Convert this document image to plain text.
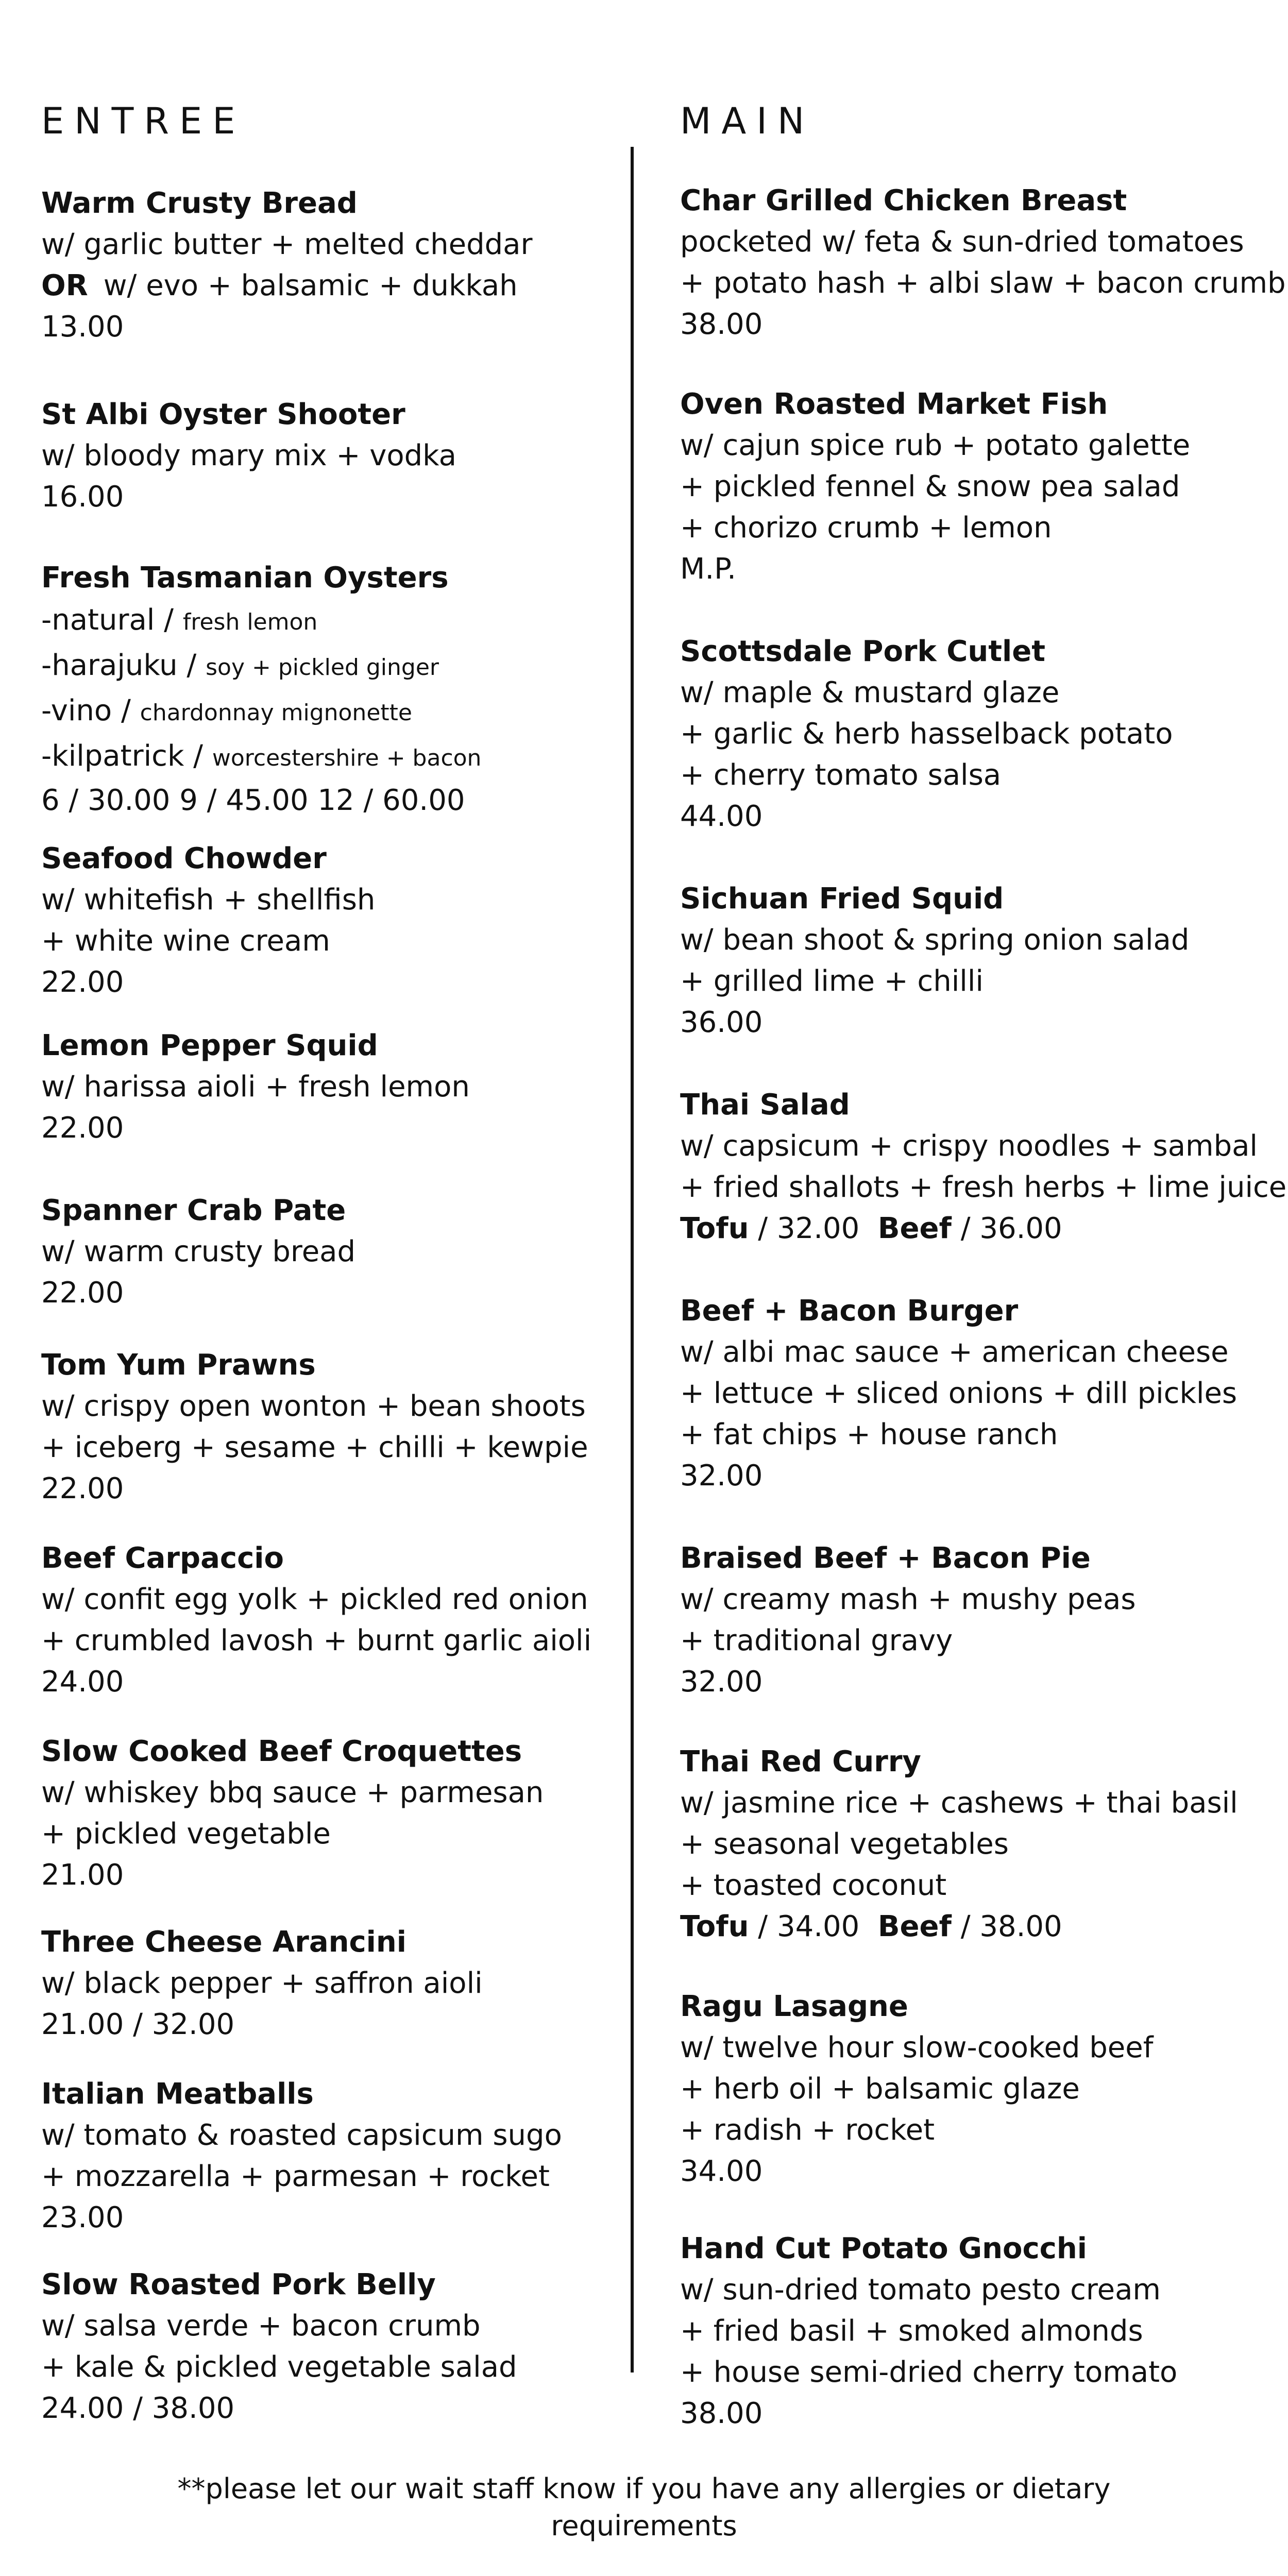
ENTREE
Warm Crusty Bread
w/ garlic butter + melted cheddar
OR w/ evo + balsamic + dukkah
13.00
St Albi Oyster Shooter
w/ bloody mary mix + vodka
16.00
Fresh Tasmanian Oysters
-natural / fresh lemon
-harajuku / soy + pickled ginger
-vino / chardonnay mignonette
-kilpatrick / worcestershire + bacon
6 / 30.00 9 / 45.00 12 / 60.00
Seafood Chowder
w/ whitefish + shellfish
+ white wine cream
22.00
Lemon Pepper Squid
w/ harissa aioli + fresh lemon
22.00
Spanner Crab Pate
w/ warm crusty bread
22.00
Tom Yum Prawns
w/ crispy open wonton + bean shoots
+ iceberg + sesame + chilli + kewpie
22.00
Beef Carpaccio
w/ confit egg yolk + pickled red onion
+ crumbled lavosh + burnt garlic aioli
24.00
Slow Cooked Beef Croquettes
w/ whiskey bbq sauce + parmesan
+ pickled vegetable
21.00
Three Cheese Arancini
w/ black pepper + saffron aioli
21.00 / 32.00
Italian Meatballs
w/ tomato & roasted capsicum sugo
+ mozzarella + parmesan + rocket
23.00
Slow Roasted Pork Belly
w/ salsa verde + bacon crumb
+ kale & pickled vegetable salad
24.00 / 38.00
MAIN
Char Grilled Chicken Breast
pocketed w/ feta & sun-dried tomatoes
+ potato hash + albi slaw + bacon crumb
38.00
Oven Roasted Market Fish
w/ cajun spice rub + potato galette
+ pickled fennel & snow pea salad
+ chorizo crumb + lemon
M.P.
Scottsdale Pork Cutlet
w/ maple & mustard glaze
+ garlic & herb hasselback potato
+ cherry tomato salsa
44.00
Sichuan Fried Squid
w/ bean shoot & spring onion salad
+ grilled lime + chilli
36.00
Thai Salad
w/ capsicum + crispy noodles + sambal
+ fried shallots + fresh herbs + lime juice
Tofu / 32.00 Beef / 36.00
Beef + Bacon Burger
w/ albi mac sauce + american cheese
+ lettuce + sliced onions + dill pickles
+ fat chips + house ranch
32.00
Braised Beef + Bacon Pie
w/ creamy mash + mushy peas
+ traditional gravy
32.00
Thai Red Curry
w/ jasmine rice + cashews + thai basil
+ seasonal vegetables
+ toasted coconut
Tofu / 34.00 Beef / 38.00
Ragu Lasagne
w/ twelve hour slow-cooked beef
+ herb oil + balsamic glaze
+ radish + rocket
34.00
Hand Cut Potato Gnocchi
w/ sun-dried tomato pesto cream
+ fried basil + smoked almonds
+ house semi-dried cherry tomato
38.00
**please let our wait staff know if you have any allergies or dietary
requirements
